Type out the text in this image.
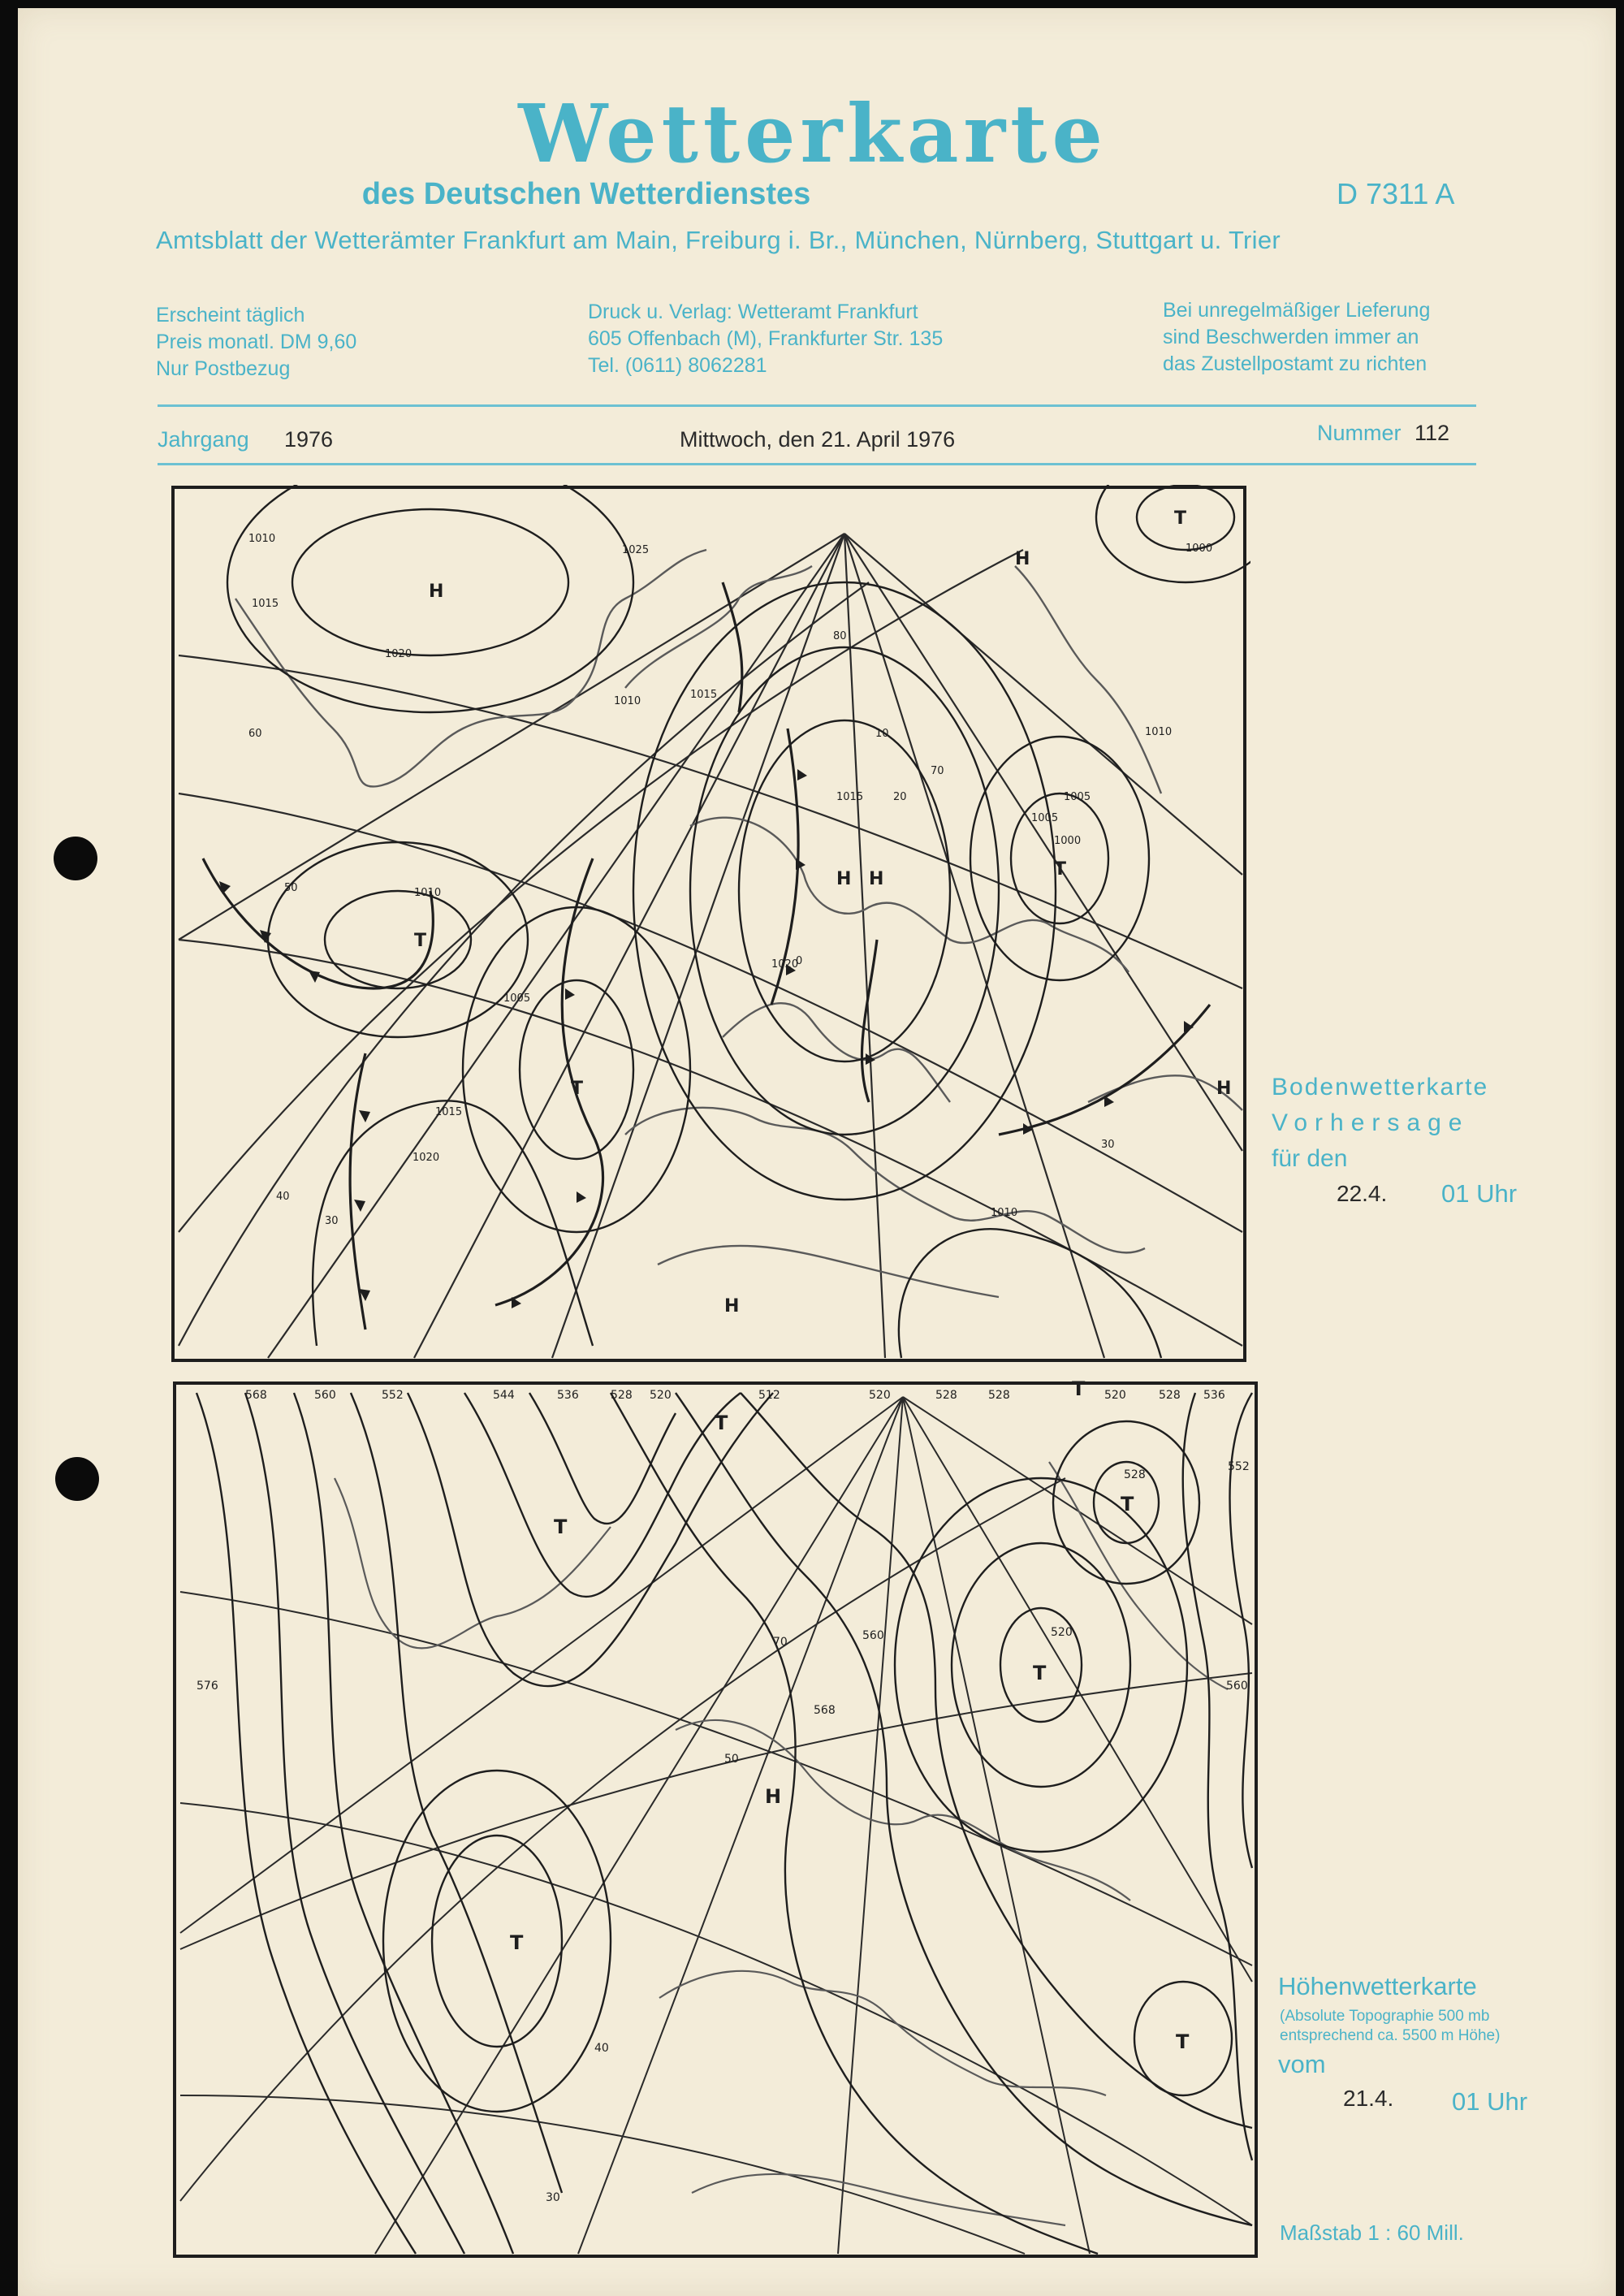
Wetterkarte
des Deutschen Wetterdienstes	D 7311 A
Amtsblatt der Wetterämter Frankfurt am Main, Freiburg i. Br., München, Nürnberg, Stuttgart u. Trier
Erscheint täglich
Preis monatl. DM 9,60
Nur Postbezug
Druck u. Verlag: Wetteramt Frankfurt
605 Offenbach (M), Frankfurter Str. 135
Tel. (0611) 8062281
Bei unregelmäßiger Lieferung
sind Beschwerden immer an
das Zustellpostamt zu richten
Jahrgang 1976	Mittwoch, den 21. April 1976	Nummer 112
H
H H
H
H
H
T
T
T
T
1010
1015
1020
1025
1010
1015
1005
1000
1005
1010
1020
1015
1020
1010
1000
1005
1010
1015
60
50
40
30
70
80
30
20
10
0
T
T
T
T
T
T
H
T
568	560	552	544	536	528 520	512	520	528	528	520	528 536
576
560
568
520
528
552
560
40
30
50
70
Bodenwetterkarte
Vorhersage
für den
22.4. 01 Uhr
Höhenwetterkarte
(Absolute Topographie 500 mb
entsprechend ca. 5500 m Höhe)
vom
21.4. 01 Uhr
Maßstab 1 : 60 Mill.
